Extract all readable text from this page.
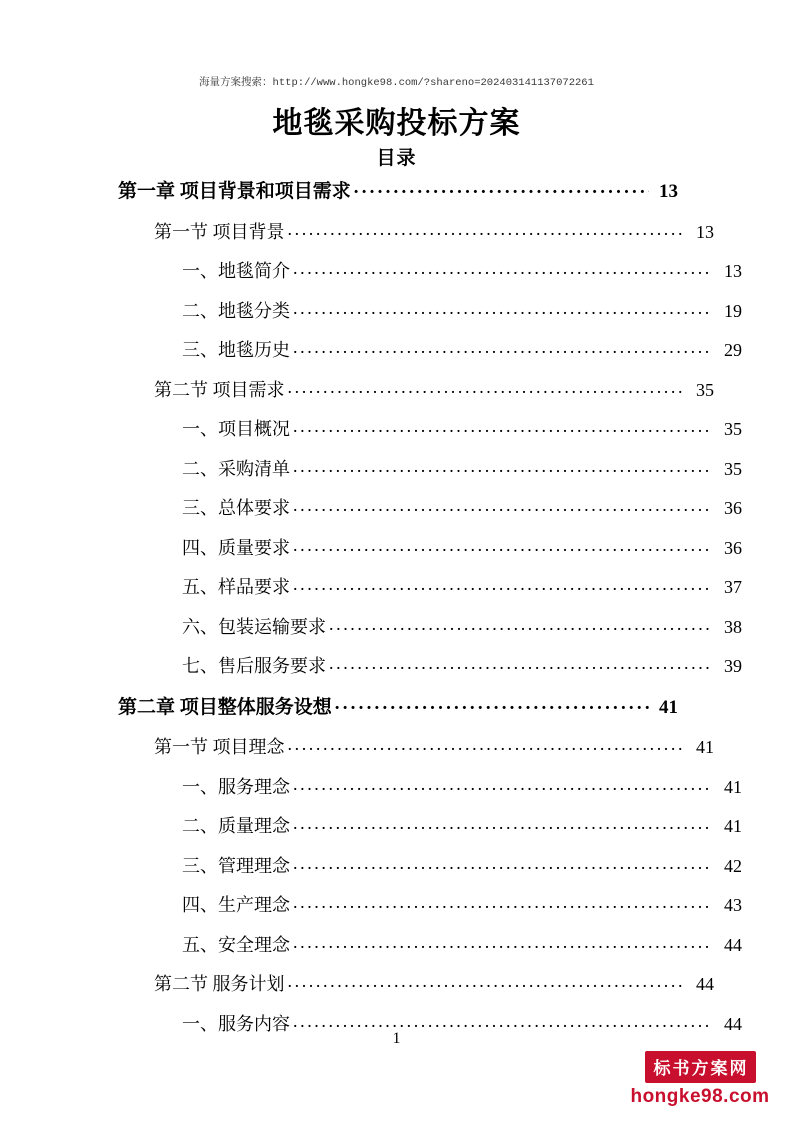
海量方案搜索：http://www.hongke98.com/?shareno=202403141137072261
地毯采购投标方案
目录
第一章 项目背景和项目需求 .....	13
第一节 项目背景 .....	13
一、地毯简介 .....	13
二、地毯分类 .....	19
三、地毯历史 .....	29
第二节 项目需求 .....	35
一、项目概况 .....	35
二、采购清单 .....	35
三、总体要求 .....	36
四、质量要求 .....	36
五、样品要求 .....	37
六、包装运输要求 .....	38
七、售后服务要求 .....	39
第二章 项目整体服务设想 .....	41
第一节 项目理念 .....	41
一、服务理念 .....	41
二、质量理念 .....	41
三、管理理念 .....	42
四、生产理念 .....	43
五、安全理念 .....	44
第二节 服务计划 .....	44
一、服务内容 .....	44
1
标书方案网
hongke98.com
